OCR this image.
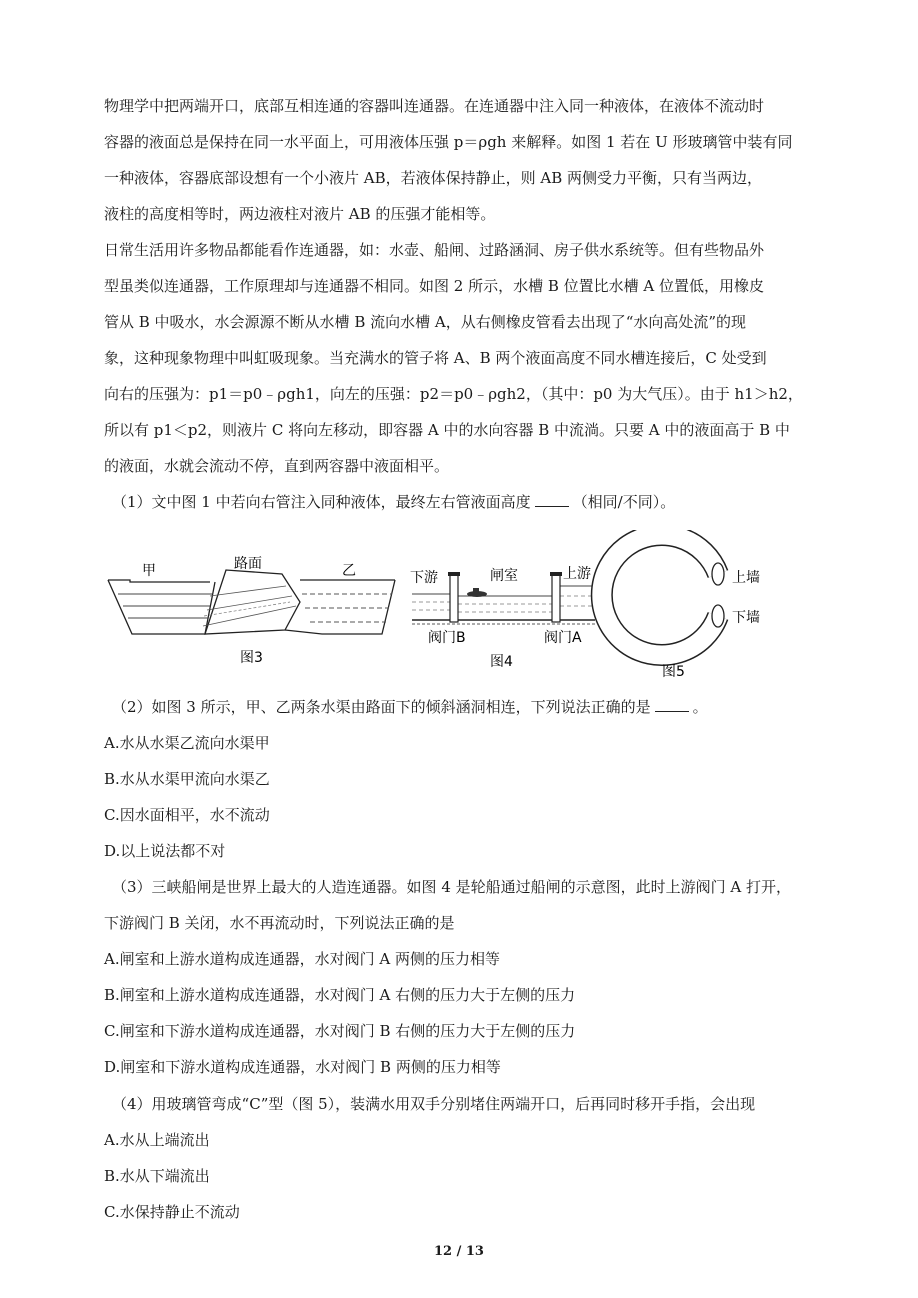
物理学中把两端开口，底部互相连通的容器叫连通器。在连通器中注入同一种液体，在液体不流动时
容器的液面总是保持在同一水平面上，可用液体压强 p＝ρgh 来解释。如图 1 若在 U 形玻璃管中装有同
一种液体，容器底部设想有一个小液片 AB，若液体保持静止，则 AB 两侧受力平衡，只有当两边，
液柱的高度相等时，两边液柱对液片 AB 的压强才能相等。
日常生活用许多物品都能看作连通器，如：水壶、船闸、过路涵洞、房子供水系统等。但有些物品外
型虽类似连通器，工作原理却与连通器不相同。如图 2 所示，水槽 B 位置比水槽 A 位置低，用橡皮
管从 B 中吸水，水会源源不断从水槽 B 流向水槽 A，从右侧橡皮管看去出现了“水向高处流”的现
象，这种现象物理中叫虹吸现象。当充满水的管子将 A、B 两个液面高度不同水槽连接后，C 处受到
向右的压强为：p1＝p0﹣ρgh1，向左的压强：p2＝p0﹣ρgh2，（其中：p0 为大气压）。由于 h1＞h2，
所以有 p1＜p2，则液片 C 将向左移动，即容器 A 中的水向容器 B 中流淌。只要 A 中的液面高于 B 中
的液面，水就会流动不停，直到两容器中液面相平。
（1）文中图 1 中若向右管注入同种液体，最终左右管液面高度	（相同/不同）。
甲	路面	乙
图3
下游	闸室	上游
阀门B	阀门A
图4
上墙
下墙
图5
（2）如图 3 所示，甲、乙两条水渠由路面下的倾斜涵洞相连，下列说法正确的是	。
A.水从水渠乙流向水渠甲
B.水从水渠甲流向水渠乙
C.因水面相平，水不流动
D.以上说法都不对
（3）三峡船闸是世界上最大的人造连通器。如图 4 是轮船通过船闸的示意图，此时上游阀门 A 打开，
下游阀门 B 关闭，水不再流动时，下列说法正确的是
A.闸室和上游水道构成连通器，水对阀门 A 两侧的压力相等
B.闸室和上游水道构成连通器，水对阀门 A 右侧的压力大于左侧的压力
C.闸室和下游水道构成连通器，水对阀门 B 右侧的压力大于左侧的压力
D.闸室和下游水道构成连通器，水对阀门 B 两侧的压力相等
（4）用玻璃管弯成“C”型（图 5），装满水用双手分别堵住两端开口，后再同时移开手指，会出现
A.水从上端流出
B.水从下端流出
C.水保持静止不流动
12 / 13
